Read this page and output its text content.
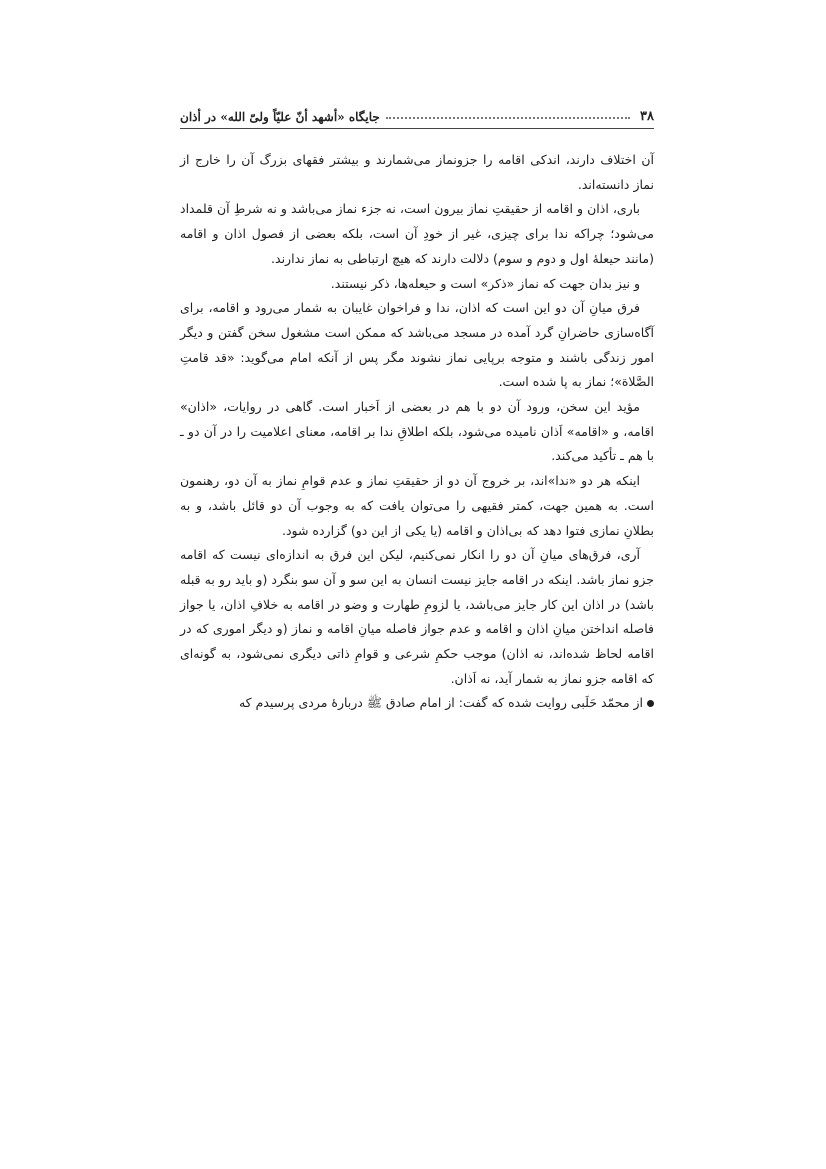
۳۸
جایگاه «أشهد أنّ علیّاً ولیّ الله» در أذان

آن اختلاف دارند، اندکی اقامه را جزونماز می‌شمارند و بیشتر فقهای بزرگ آن را خارج از نماز دانسته‌اند.

باری، اذان و اقامه از حقیقتِ نماز بیرون است، نه جزء نماز می‌باشد و نه شرطِ آن قلمداد می‌شود؛ چراکه ندا برای چیزی، غیر از خودِ آن است، بلکه بعضی از فصول اذان و اقامه (مانند حیعلهٔ اول و دوم و سوم) دلالت دارند که هیچ ارتباطی به نماز ندارند.

و نیز بدان جهت که نماز «ذکر» است و حیعله‌ها، ذکر نیستند.

فرق میانِ آن دو این است که اذان، ندا و فراخوان غایبان به شمار می‌رود و اقامه، برای آگاه‌سازی حاضرانِ گرد آمده در مسجد می‌باشد که ممکن است مشغول سخن گفتن و دیگر امور زندگی باشند و متوجه برپایی نماز نشوند مگر پس از آنکه امام می‌گوید: «قد قامتِ الصَّلاة»؛ نماز به پا شده است.

مؤید این سخن، ورود آن دو با هم در بعضی از اَخبار است. گاهی در روایات، «اذان» اقامه، و «اقامه» اَذان نامیده می‌شود، بلکه اطلاقِ ندا بر اقامه، معنای اعلامیت را در آن دو ـ با هم ـ تأکید می‌کند.

اینکه هر دو «ندا»اند، بر خروج آن دو از حقیقتِ نماز و عدم قوامِ نماز به آن دو، رهنمون است. به همین جهت، کمتر فقیهی را می‌توان یافت که به وجوب آن دو قائل باشد، و به بطلانِ نمازی فتوا دهد که بی‌اذان و اقامه (یا یکی از این دو) گزارده شود.

آری، فرق‌های میانِ آن دو را انکار نمی‌کنیم، لیکن این فرق به اندازه‌ای نیست که اقامه جزو نماز باشد. اینکه در اقامه جایز نیست انسان به این سو و آن سو بنگرد (و باید رو به قبله باشد) در اذان این کار جایز می‌باشد، یا لزومِ طهارت و وضو در اقامه به خلافِ اذان، یا جواز فاصله انداختن میانِ اذان و اقامه و عدم جواز فاصله میانِ اقامه و نماز (و دیگر اموری که در اقامه لحاظ شده‌اند، نه اذان) موجب حکمِ شرعی و قوامِ ذاتی دیگری نمی‌شود، به گونه‌ای که اقامه جزو نماز به شمار آید، نه اَذان.

از محمّد حَلَبی روایت شده که گفت: از امام صادق ﷺ دربارهٔ مردی پرسیدم که
